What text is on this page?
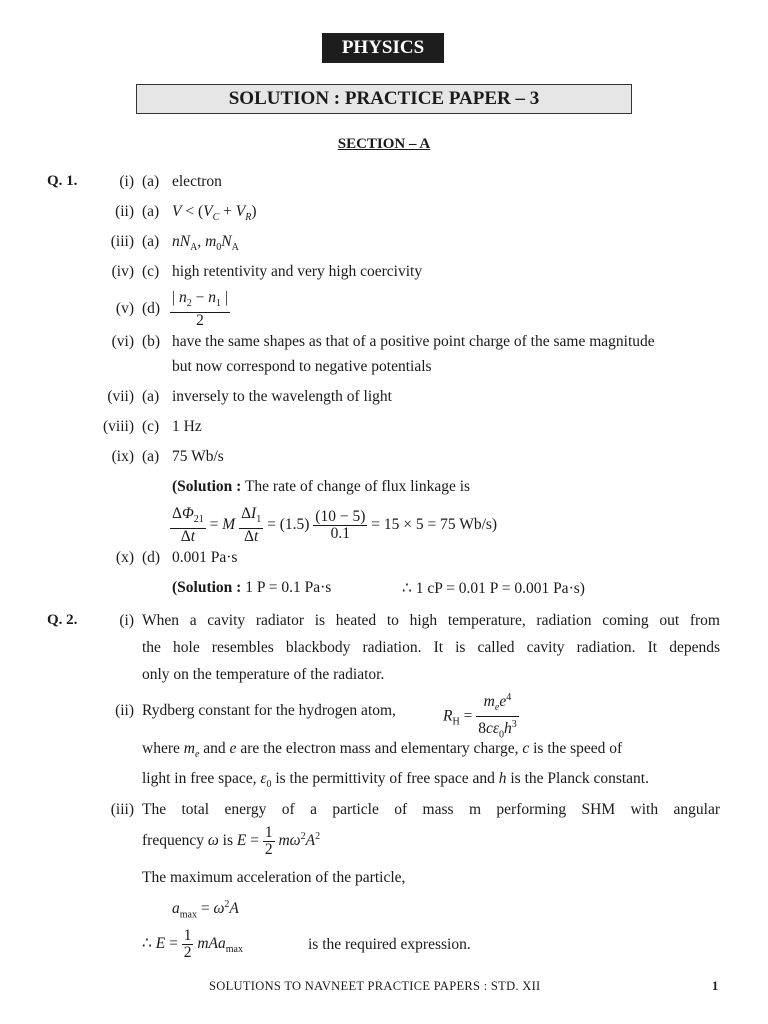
PHYSICS
SOLUTION : PRACTICE PAPER – 3
SECTION – A
Q. 1.	(i) (a) electron
(ii) (a) $V < (V_C + V_R)$
(iii) (a) $nN_A$, $m_0N_A$
(iv) (c) high retentivity and very high coercivity
(v) $(d) \frac{| n_2 - n_1 |}{2}$
(vi) (b) have the same shapes as that of a positive point charge of the same magnitude
but now correspond to negative potentials
(vii) (a) inversely to the wavelength of light
(viii) (c) 1 Hz
(ix) (a) 75 Wb/s
(Solution : The rate of change of flux linkage is
$\frac{\Delta\Phi_{21}}{\Delta t} = M \frac{\Delta I_1}{\Delta t} = (1.5) \frac{(10 - 5)}{0.1} = 15 \times 5 = 75$ Wb/s)
(x) (d) 0.001 Pa·s
(Solution : 1 P = 0.1 Pa·s	∴ 1 cP = 0.01 P = 0.001 Pa·s)
Q. 2.	(i) When a cavity radiator is heated to high temperature, radiation coming out from
the hole resembles blackbody radiation. It is called cavity radiation. It depends
only on the temperature of the radiator.
(ii) Rydberg constant for the hydrogen atom,	$R_H = \frac{m_ee^4}{8c\varepsilon_0h^3}$
where $m_e$ and e are the electron mass and elementary charge, c is the speed of
light in free space, $\varepsilon_0$ is the permittivity of free space and h is the Planck constant.
(iii) The total energy of a particle of mass m performing SHM with angular
frequency ω is $E = \frac{1}{2} m\omega^2A^2$
The maximum acceleration of the particle,
$a_{max} = \omega^2A$
∴ $E = \frac{1}{2} mAa_{max}$	is the required expression.
SOLUTIONS TO NAVNEET PRACTICE PAPERS : STD. XII	1
